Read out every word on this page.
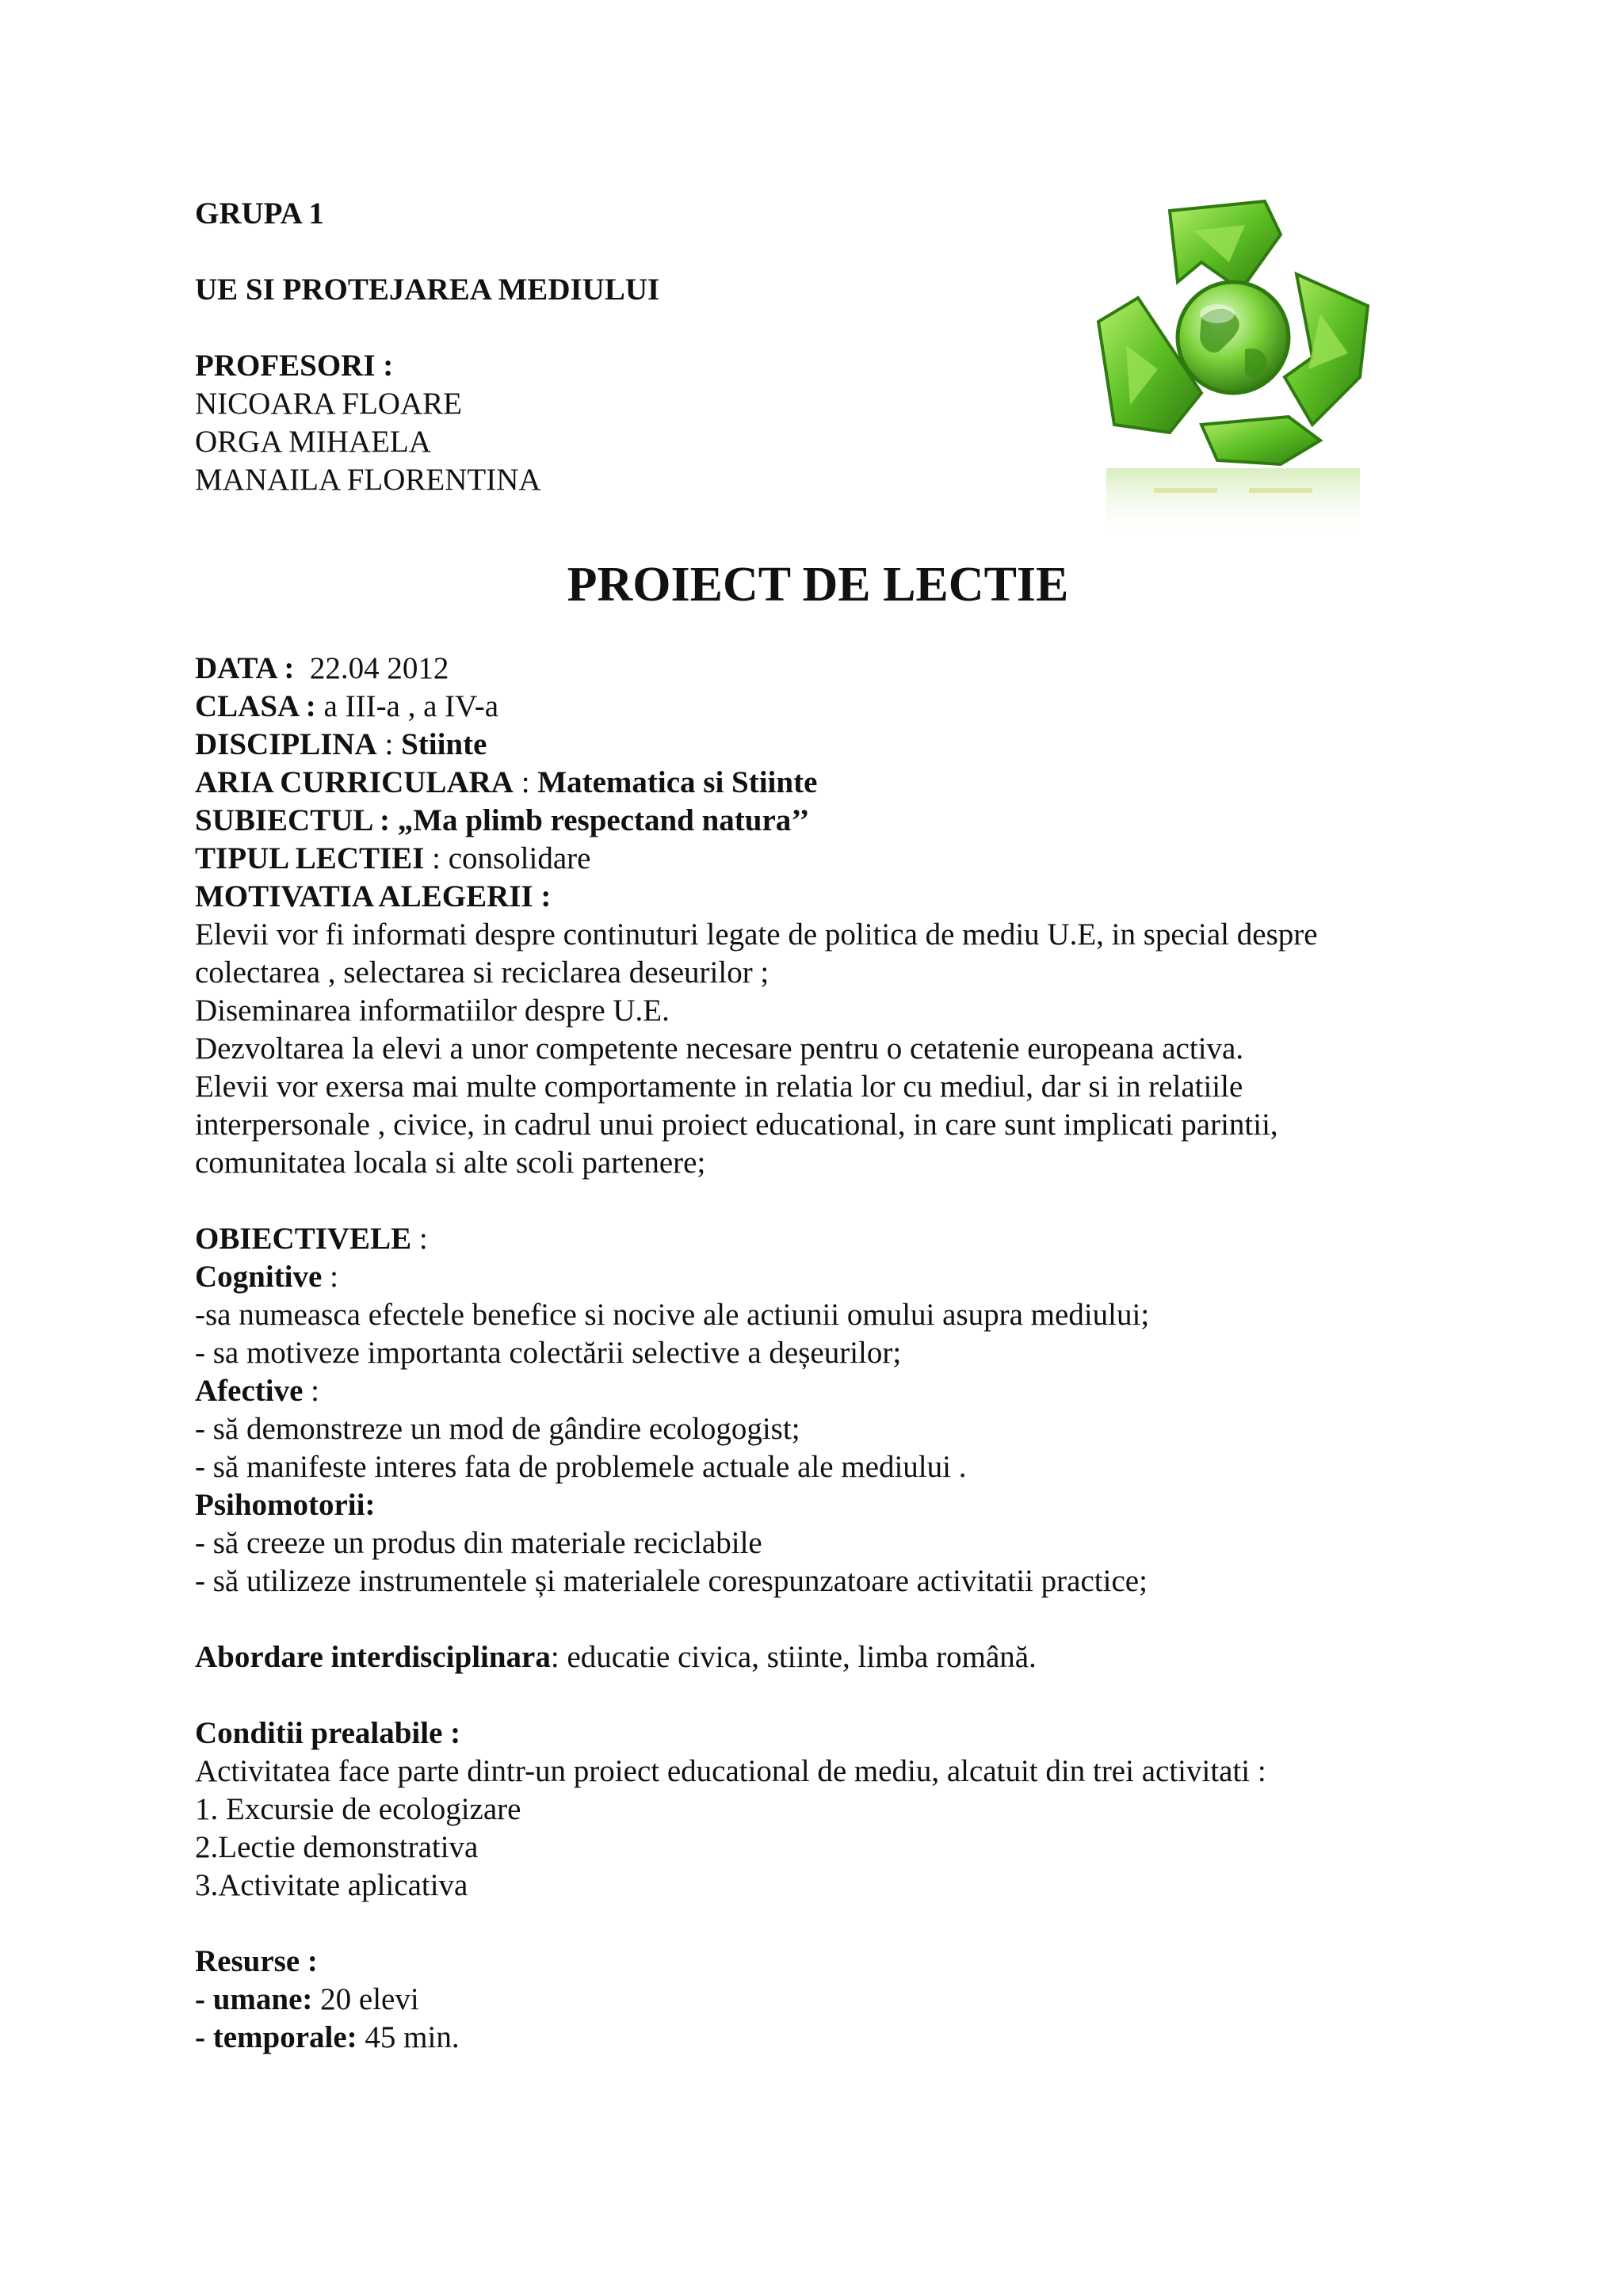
GRUPA 1
UE SI PROTEJAREA MEDIULUI
PROFESORI :
NICOARA FLOARE
ORGA MIHAELA
MANAILA FLORENTINA
PROIECT DE LECTIE
DATA : 22.04 2012
CLASA : a III-a , a IV-a
DISCIPLINA : Stiinte
ARIA CURRICULARA : Matematica si Stiinte
SUBIECTUL : „Ma plimb respectand natura’’
TIPUL LECTIEI : consolidare
MOTIVATIA ALEGERII :
Elevii vor fi informati despre continuturi legate de politica de mediu U.E, in special despre
colectarea , selectarea si reciclarea deseurilor ;
Diseminarea informatiilor despre U.E.
Dezvoltarea la elevi a unor competente necesare pentru o cetatenie europeana activa.
Elevii vor exersa mai multe comportamente in relatia lor cu mediul, dar si in relatiile
interpersonale , civice, in cadrul unui proiect educational, in care sunt implicati parintii,
comunitatea locala si alte scoli partenere;
OBIECTIVELE :
Cognitive :
-sa numeasca efectele benefice si nocive ale actiunii omului asupra mediului;
- sa motiveze importanta colectării selective a deșeurilor;
Afective :
- să demonstreze un mod de gândire ecologogist;
- să manifeste interes fata de problemele actuale ale mediului .
Psihomotorii:
- să creeze un produs din materiale reciclabile
- să utilizeze instrumentele și materialele corespunzatoare activitatii practice;
Abordare interdisciplinara: educatie civica, stiinte, limba română.
Conditii prealabile :
Activitatea face parte dintr-un proiect educational de mediu, alcatuit din trei activitati :
1. Excursie de ecologizare
2.Lectie demonstrativa
3.Activitate aplicativa
Resurse :
- umane: 20 elevi
- temporale: 45 min.
